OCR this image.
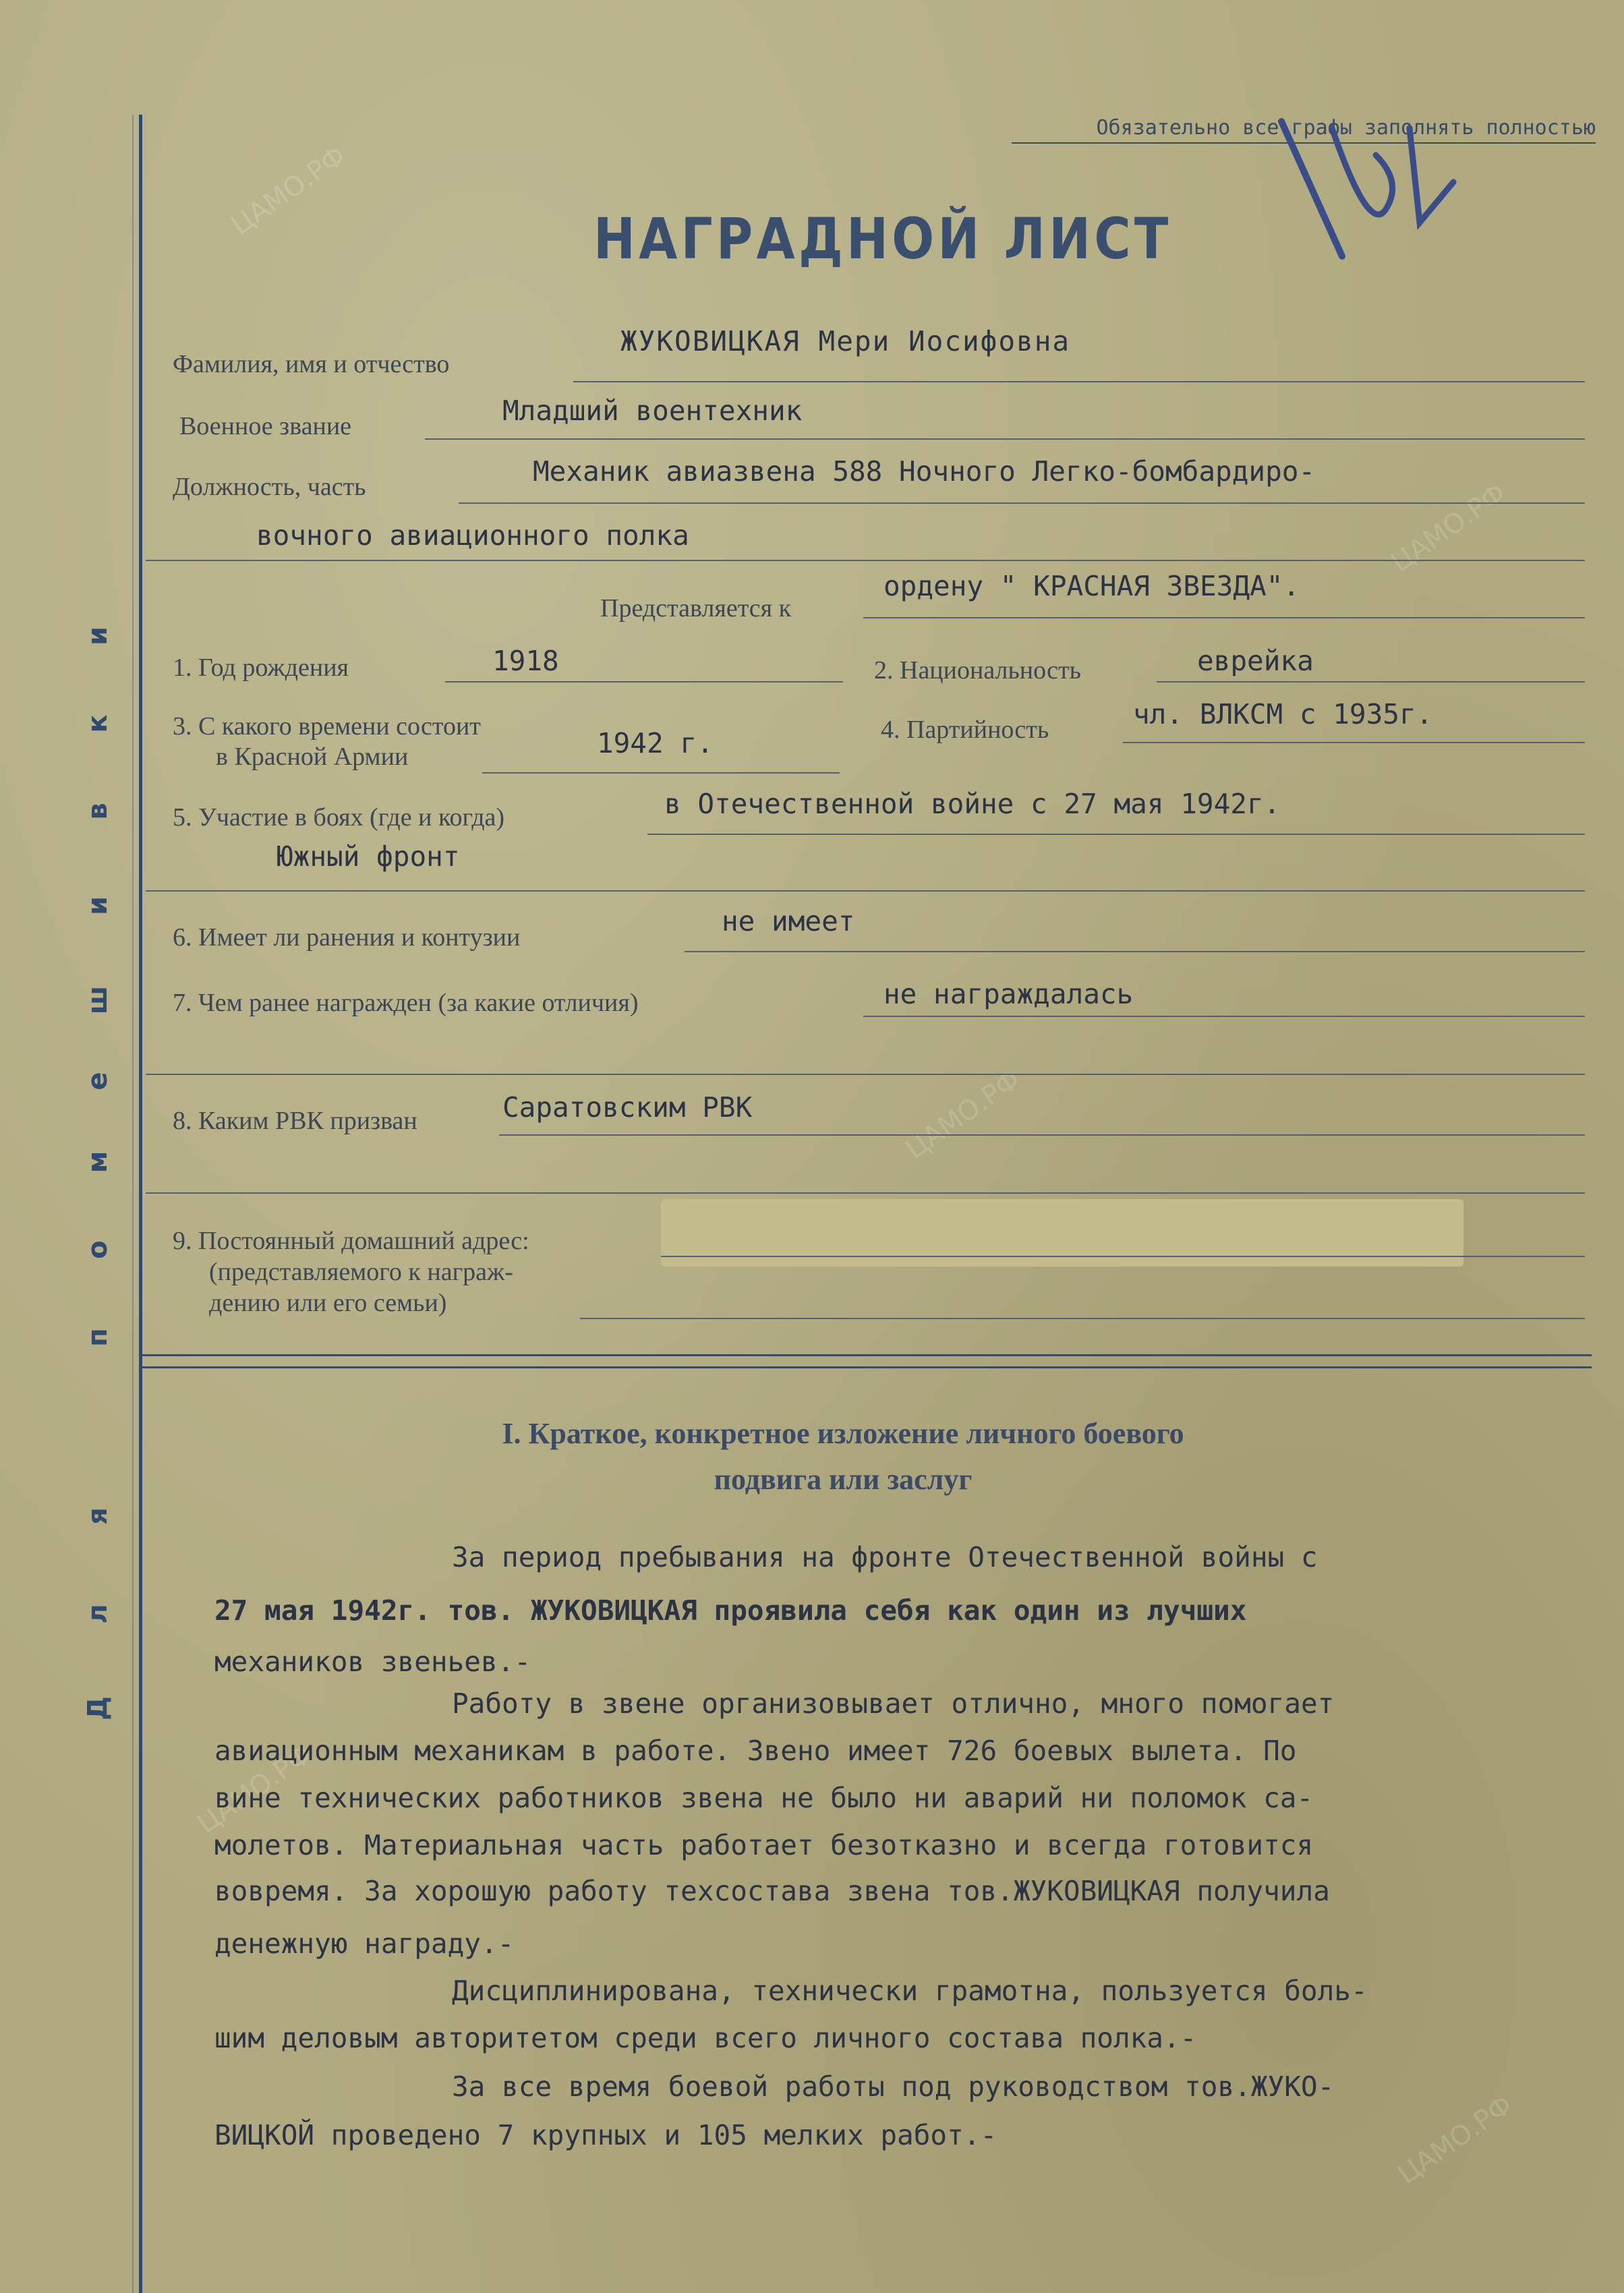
ЦАМО.РФ
ЦАМО.РФ
ЦАМО.РФ
ЦАМО.РФ
ЦАМО.РФ
Д
л
я
п
о
м
е
ш
и
в
к
и
Обязательно все графы заполнять полностью
НАГРАДНОЙ ЛИСТ
Фамилия, имя и отчество
ЖУКОВИЦКАЯ Мери Иосифовна
Военное звание	Младший воентехник
Должность, часть	Механик авиазвена 588 Ночного Легко-бомбардиро-
вочного авиационного полка
Представляется к
ордену " КРАСНАЯ ЗВЕЗДА".
1. Год рождения	1918	2. Национальность	еврейка
3. С какого времени состоит
в Красной Армии	1942 г.	4. Партийность	чл. ВЛКСМ с 1935г.
5. Участие в боях (где и когда)	в Отечественной войне с 27 мая 1942г.
Южный фронт
6. Имеет ли ранения и контузии	не имеет
7. Чем ранее награжден (за какие отличия)	не награждалась
8. Каким РВК призван	Саратовским РВК
9. Постоянный домашний адрес:
(представляемого к награж-
дению или его семьи)
I. Краткое, конкретное изложение личного боевого
подвига или заслуг
За период пребывания на фронте Отечественной войны с
27 мая 1942г. тов. ЖУКОВИЦКАЯ проявила себя как один из лучших
механиков звеньев.-
Работу в звене организовывает отлично, много помогает
авиационным механикам в работе. Звено имеет 726 боевых вылета. По
вине технических работников звена не было ни аварий ни поломок са-
молетов. Материальная часть работает безотказно и всегда готовится
вовремя. За хорошую работу техсостава звена тов.ЖУКОВИЦКАЯ получила
денежную награду.-
Дисциплинирована, технически грамотна, пользуется боль-
шим деловым авторитетом среди всего личного состава полка.-
За все время боевой работы под руководством тов.ЖУКО-
ВИЦКОЙ проведено 7 крупных и 105 мелких работ.-
